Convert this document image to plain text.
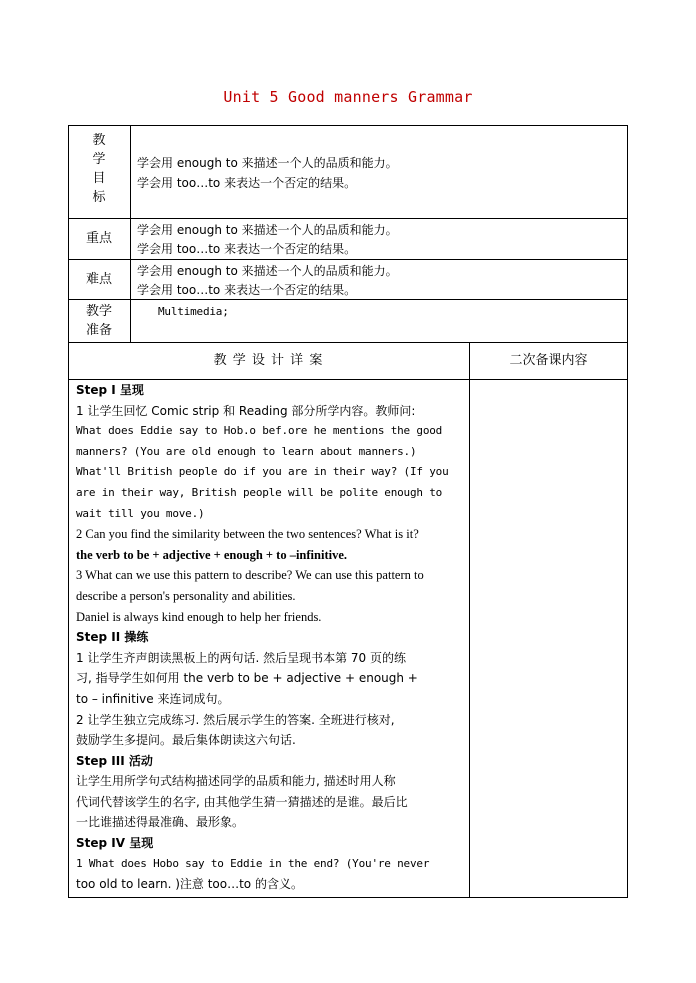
Unit 5 Good manners Grammar
教
学
目
标
学会用 enough to 来描述一个人的品质和能力。
学会用 too…to 来表达一个否定的结果。
重点
学会用 enough to 来描述一个人的品质和能力。
学会用 too…to 来表达一个否定的结果。
难点
学会用 enough to 来描述一个人的品质和能力。
学会用 too…to 来表达一个否定的结果。
教学
准备
Multimedia;
教 学 设 计 详 案	二次备课内容
Step I 呈现
1 让学生回忆 Comic strip 和 Reading 部分所学内容。教师问:
What does Eddie say to Hob.o bef.ore he mentions the good
manners? (You are old enough to learn about manners.)
What'll British people do if you are in their way? (If you
are in their way, British people will be polite enough to
wait till you move.)
2 Can you find the similarity between the two sentences? What is it?
the verb to be + adjective + enough + to –infinitive.
3 What can we use this pattern to describe? We can use this pattern to
describe a person's personality and abilities.
Daniel is always kind enough to help her friends.
Step II 操练
1 让学生齐声朗读黑板上的两句话. 然后呈现书本第 70 页的练
习, 指导学生如何用 the verb to be + adjective + enough +
to – infinitive 来连词成句。
2 让学生独立完成练习. 然后展示学生的答案. 全班进行核对,
鼓励学生多提问。最后集体朗读这六句话.
Step III 活动
让学生用所学句式结构描述同学的品质和能力, 描述时用人称
代词代替该学生的名字, 由其他学生猜一猜描述的是谁。最后比
一比谁描述得最准确、最形象。
Step IV 呈现
1 What does Hobo say to Eddie in the end? (You're never
too old to learn. )注意 too…to 的含义。
